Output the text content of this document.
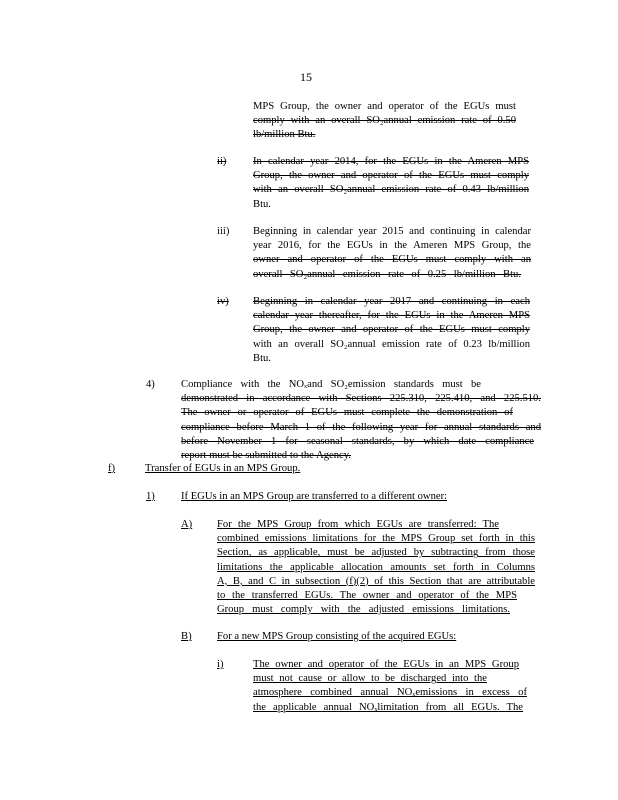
15
MPS Group, the owner and operator of the EGUs must
comply with an overall SO₂annual emission rate of 0.50
lb/million Btu.
ii)	In calendar year 2014, for the EGUs in the Ameren MPS
Group, the owner and operator of the EGUs must comply
with an overall SO₂annual emission rate of 0.43 lb/million
Btu.
iii) Beginning in calendar year 2015 and continuing in calendar
year 2016, for the EGUs in the Ameren MPS Group, the
owner and operator of the EGUs must comply with an
overall SO₂annual emission rate of 0.25 lb/million Btu.
iv) Beginning in calendar year 2017 and continuing in each
calendar year thereafter, for the EGUs in the Ameren MPS
Group, the owner and operator of the EGUs must comply
with an overall SO₂annual emission rate of 0.23 lb/million
Btu.
4) Compliance with the NOₓand SO₂emission standards must be
demonstrated in accordance with Sections 225.310, 225.410, and 225.510.
The owner or operator of EGUs must complete the demonstration of
compliance before March 1 of the following year for annual standards and
before November 1 for seasonal standards, by which date compliance
report must be submitted to the Agency.
f)	Transfer of EGUs in an MPS Group.
1) If EGUs in an MPS Group are transferred to a different owner:
A) For the MPS Group from which EGUs are transferred: The
combined emissions limitations for the MPS Group set forth in this
Section, as applicable, must be adjusted by subtracting from those
limitations the applicable allocation amounts set forth in Columns
A, B, and C in subsection (f)(2) of this Section that are attributable
to the transferred EGUs. The owner and operator of the MPS
Group must comply with the adjusted emissions limitations.
B) For a new MPS Group consisting of the acquired EGUs:
i)	The owner and operator of the EGUs in an MPS Group
must not cause or allow to be discharged into the
atmosphere combined annual NOₓemissions in excess of
the applicable annual NOₓlimitation from all EGUs. The
